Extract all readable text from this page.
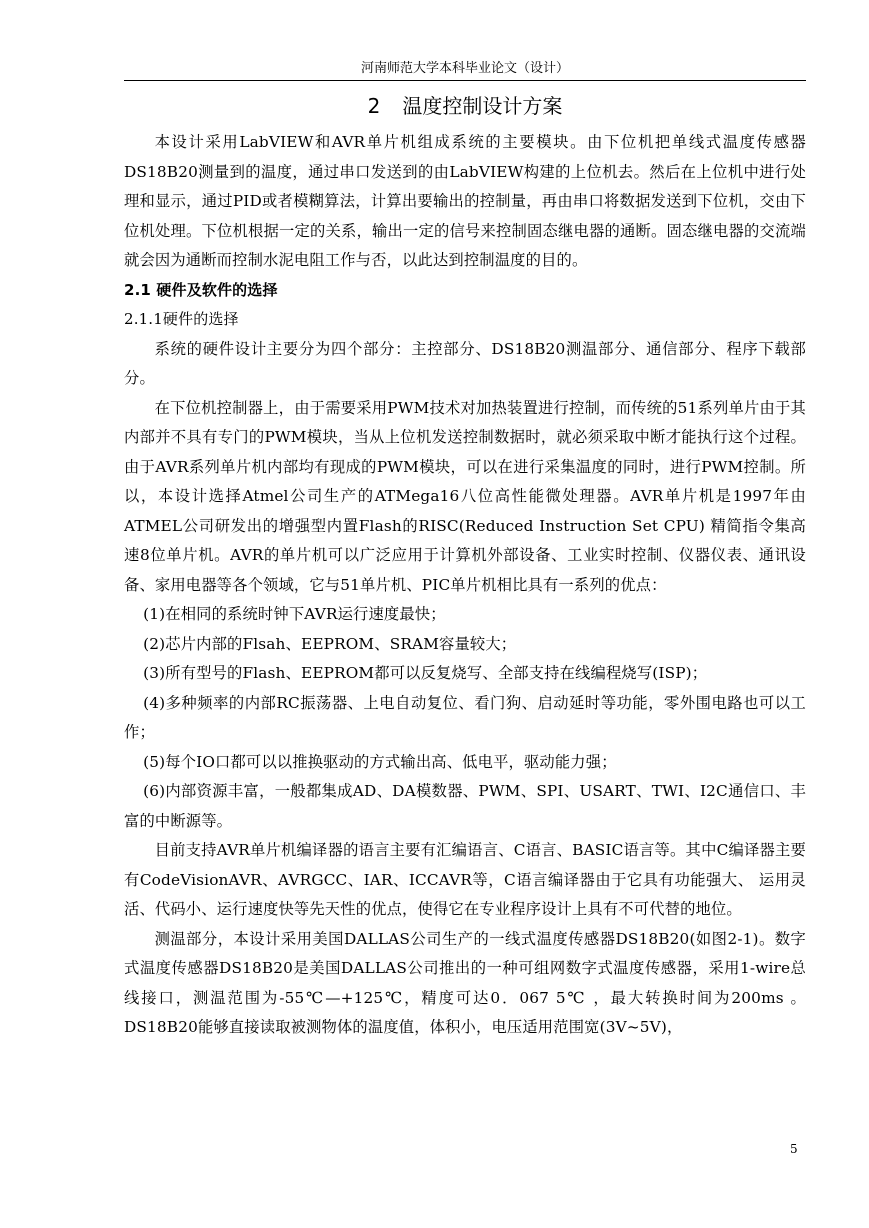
河南师范大学本科毕业论文（设计）
2 温度控制设计方案

本设计采用LabVIEW和AVR单片机组成系统的主要模块。由下位机把单线式温度传感器DS18B20测量到的温度，通过串口发送到的由LabVIEW构建的上位机去。然后在上位机中进行处理和显示，通过PID或者模糊算法，计算出要输出的控制量，再由串口将数据发送到下位机，交由下位机处理。下位机根据一定的关系，输出一定的信号来控制固态继电器的通断。固态继电器的交流端就会因为通断而控制水泥电阻工作与否，以此达到控制温度的目的。

2.1 硬件及软件的选择
2.1.1硬件的选择

系统的硬件设计主要分为四个部分：主控部分、DS18B20测温部分、通信部分、程序下载部分。

在下位机控制器上，由于需要采用PWM技术对加热装置进行控制，而传统的51系列单片由于其内部并不具有专门的PWM模块，当从上位机发送控制数据时，就必须采取中断才能执行这个过程。由于AVR系列单片机内部均有现成的PWM模块，可以在进行采集温度的同时，进行PWM控制。所以，本设计选择Atmel公司生产的ATMega16八位高性能微处理器。AVR单片机是1997年由ATMEL公司研发出的增强型内置Flash的RISC(Reduced Instruction Set CPU) 精简指令集高速8位单片机。AVR的单片机可以广泛应用于计算机外部设备、工业实时控制、仪器仪表、通讯设备、家用电器等各个领域，它与51单片机、PIC单片机相比具有一系列的优点：

(1)在相同的系统时钟下AVR运行速度最快；

(2)芯片内部的Flsah、EEPROM、SRAM容量较大；

(3)所有型号的Flash、EEPROM都可以反复烧写、全部支持在线编程烧写(ISP)；

(4)多种频率的内部RC振荡器、上电自动复位、看门狗、启动延时等功能，零外围电路也可以工作；

(5)每个IO口都可以以推换驱动的方式输出高、低电平，驱动能力强；

(6)内部资源丰富，一般都集成AD、DA模数器、PWM、SPI、USART、TWI、I2C通信口、丰富的中断源等。

目前支持AVR单片机编译器的语言主要有汇编语言、C语言、BASIC语言等。其中C编译器主要有CodeVisionAVR、AVRGCC、IAR、ICCAVR等，C语言编译器由于它具有功能强大、 运用灵活、代码小、运行速度快等先天性的优点，使得它在专业程序设计上具有不可代替的地位。

测温部分，本设计采用美国DALLAS公司生产的一线式温度传感器DS18B20(如图2-1)。数字式温度传感器DS18B20是美国DALLAS公司推出的一种可组网数字式温度传感器，采用1-wire总线接口，测温范围为-55℃—+125℃，精度可达0．067 5℃ ，最大转换时间为200ms 。DS18B20能够直接读取被测物体的温度值，体积小，电压适用范围宽(3V~5V)，

5
